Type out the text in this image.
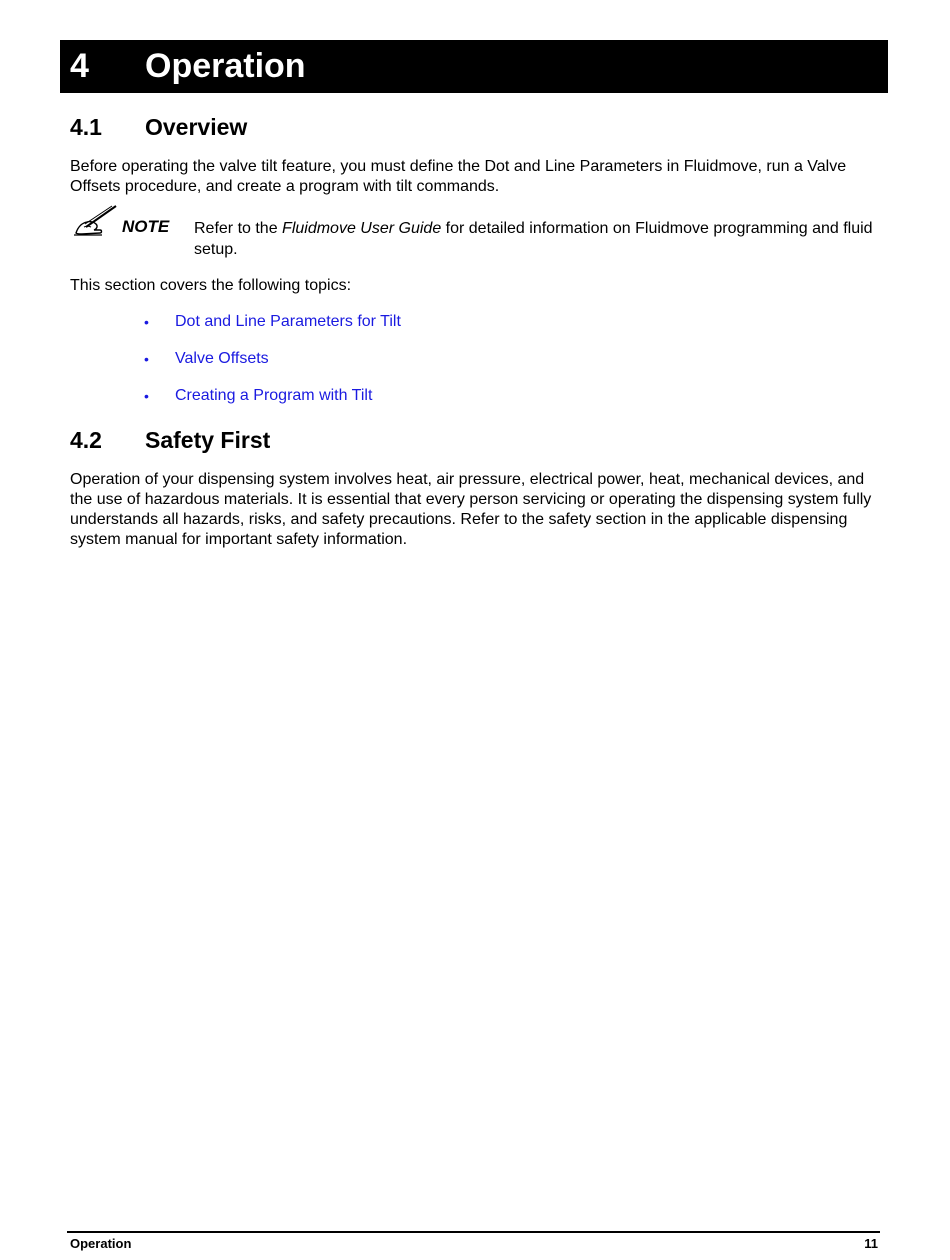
4 Operation
4.1 Overview

Before operating the valve tilt feature, you must define the Dot and Line Parameters in Fluidmove, run a Valve Offsets procedure, and create a program with tilt commands.

NOTE Refer to the Fluidmove User Guide for detailed information on Fluidmove programming and fluid setup.

This section covers the following topics:

• Dot and Line Parameters for Tilt
• Valve Offsets
• Creating a Program with Tilt
4.2 Safety First

Operation of your dispensing system involves heat, air pressure, electrical power, heat, mechanical devices, and the use of hazardous materials. It is essential that every person servicing or operating the dispensing system fully understands all hazards, risks, and safety precautions. Refer to the safety section in the applicable dispensing system manual for important safety information.

Operation	11
